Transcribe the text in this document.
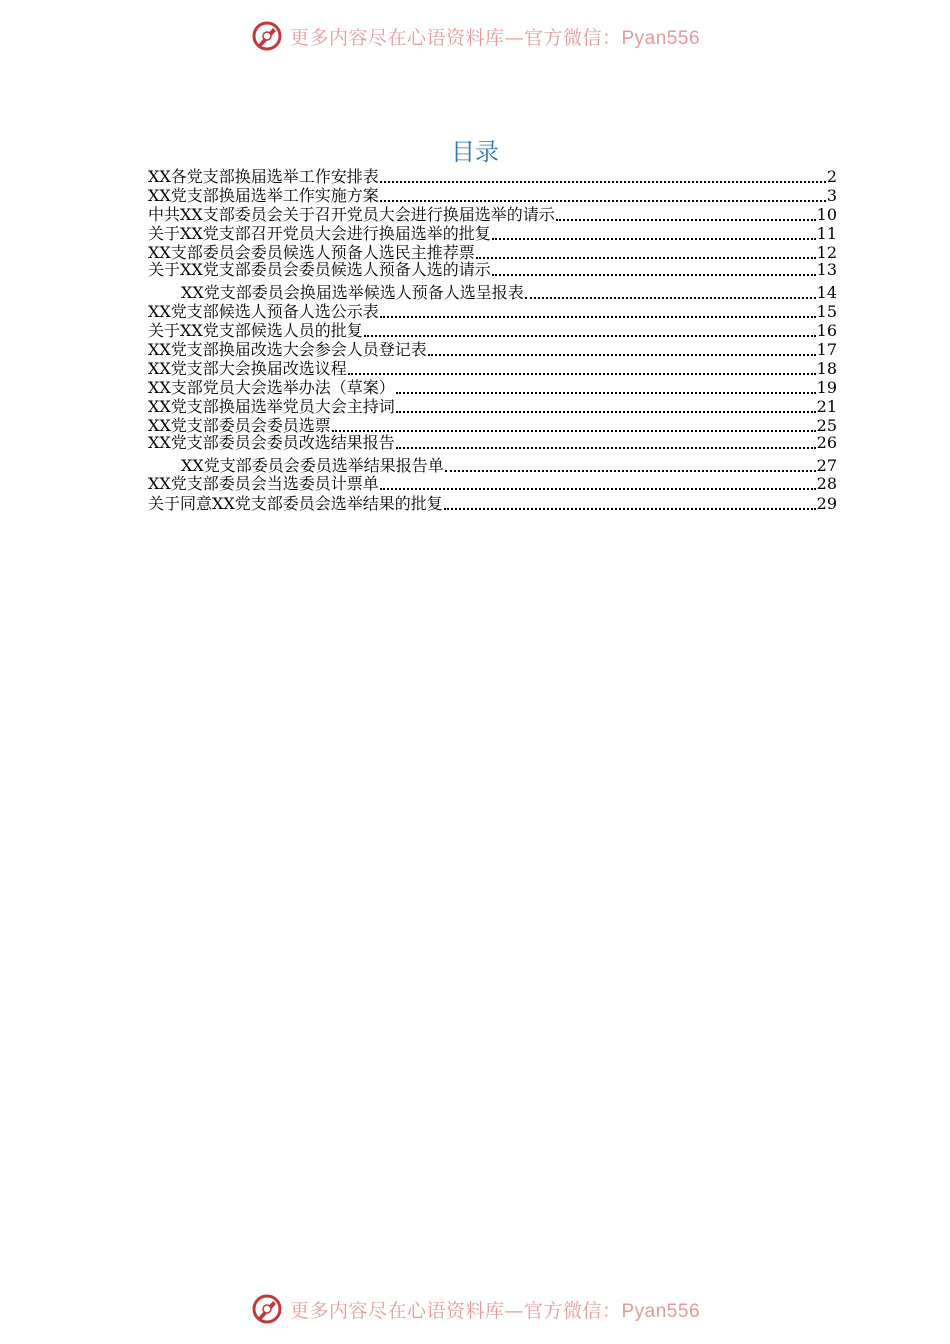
更多内容尽在心语资料库—官方微信：Pyan556
目录
XX各党支部换届选举工作安排表	2
XX党支部换届选举工作实施方案	3
中共XX支部委员会关于召开党员大会进行换届选举的请示	10
关于XX党支部召开党员大会进行换届选举的批复	11
XX支部委员会委员候选人预备人选民主推荐票	12
关于XX党支部委员会委员候选人预备人选的请示	13
XX党支部委员会换届选举候选人预备人选呈报表	14
XX党支部候选人预备人选公示表	15
关于XX党支部候选人员的批复	16
XX党支部换届改选大会参会人员登记表	17
XX党支部大会换届改选议程	18
XX支部党员大会选举办法（草案）	19
XX党支部换届选举党员大会主持词	21
XX党支部委员会委员选票	25
XX党支部委员会委员改选结果报告	26
XX党支部委员会委员选举结果报告单	27
XX党支部委员会当选委员计票单	28
关于同意XX党支部委员会选举结果的批复	29
更多内容尽在心语资料库—官方微信：Pyan556
